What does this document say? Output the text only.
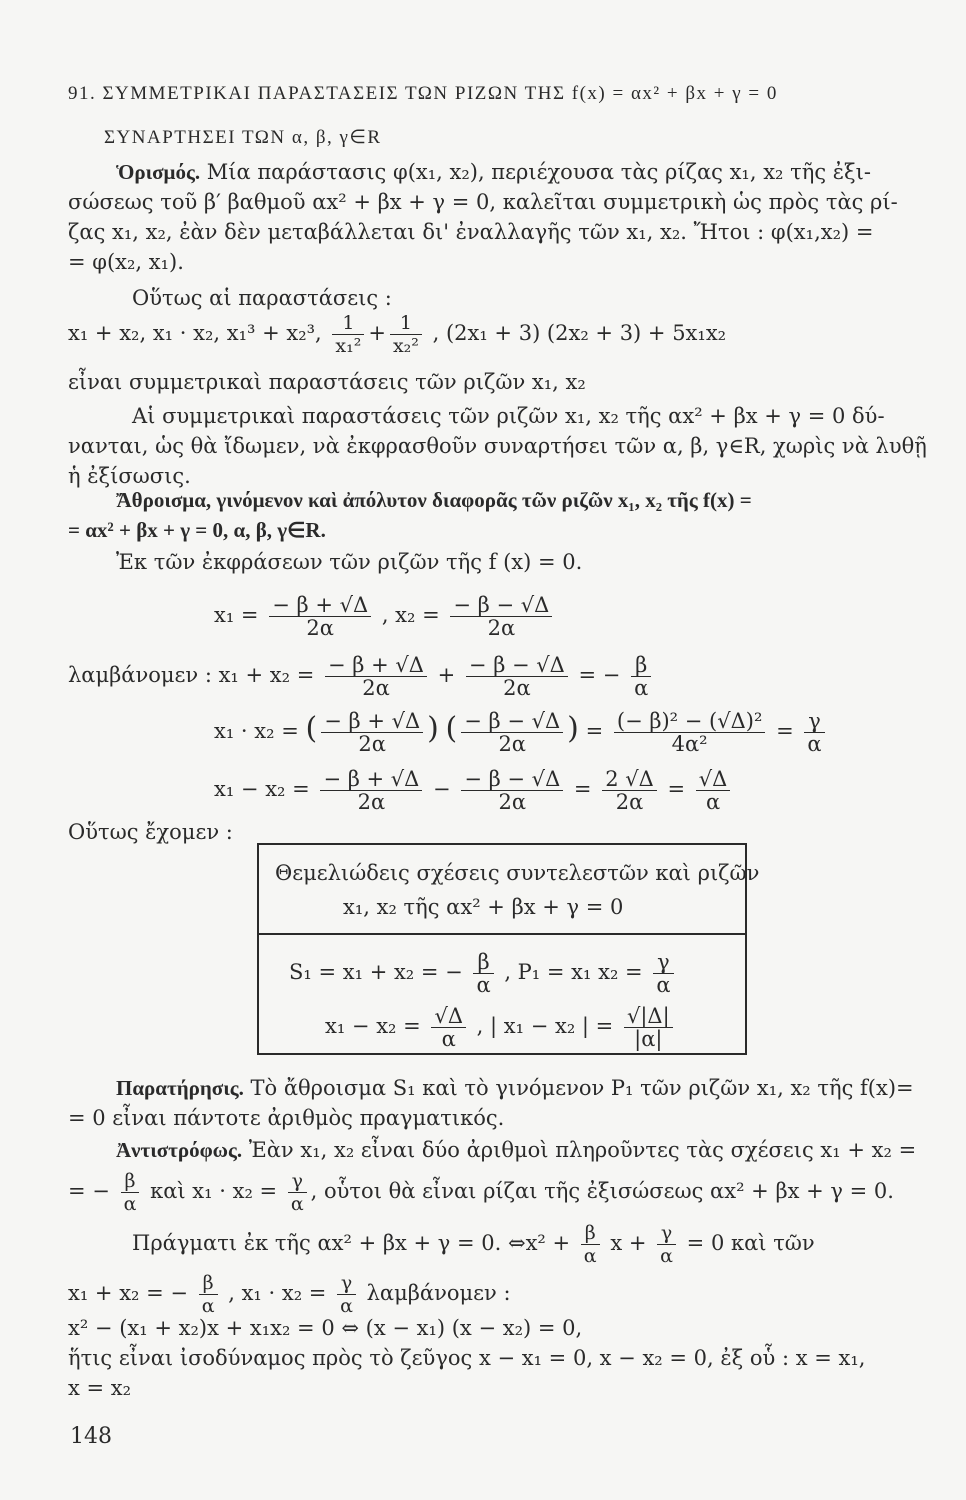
91. ΣΥΜΜΕΤΡΙΚΑΙ ΠΑΡΑΣΤΑΣΕΙΣ ΤΩΝ ΡΙΖΩΝ ΤΗΣ f(x) = αx² + βx + γ = 0
ΣΥΝΑΡΤΗΣΕΙ ΤΩΝ α, β, γ∈R
Ὁρισμός. Μία παράστασις φ(x₁, x₂), περιέχουσα τὰς ρίζας x₁, x₂ τῆς ἐξι-
σώσεως τοῦ β′ βαθμοῦ αx² + βx + γ = 0, καλεῖται συμμετρικὴ ὡς πρὸς τὰς ρί-
ζας x₁, x₂, ἐὰν δὲν μεταβάλλεται δι' ἐναλλαγῆς τῶν x₁, x₂. Ἤτοι : φ(x₁,x₂) =
= φ(x₂, x₁).
Οὕτως αἱ παραστάσεις :
x₁ + x₂, x₁ · x₂, x₁³ + x₂³, $\frac{1}{\text{x₁²}} + \frac{1}{\text{x₂²}}$ , (2x₁ + 3) (2x₂ + 3) + 5x₁x₂
εἶναι συμμετρικαὶ παραστάσεις τῶν ριζῶν x₁, x₂
Αἱ συμμετρικαὶ παραστάσεις τῶν ριζῶν x₁, x₂ τῆς αx² + βx + γ = 0 δύ-
νανται, ὡς θὰ ἴδωμεν, νὰ ἐκφρασθοῦν συναρτήσει τῶν α, β, γ∈R, χωρὶς νὰ λυθῇ
ἡ ἐξίσωσις.
Ἄθροισμα, γινόμενον καὶ ἀπόλυτον διαφορᾶς τῶν ριζῶν x₁, x₂ τῆς f(x) =
= αx² + βx + γ = 0, α, β, γ∈R.
Ἐκ τῶν ἐκφράσεων τῶν ριζῶν τῆς f (x) = 0.
$x_1 = \frac{- \beta + √\Delta}{2\alpha}$ , $x_2 = \frac{- \beta - √\Delta}{2\alpha}$
λαμβάνομεν : $x_1 + x_2 = \frac{- \beta + √\Delta}{2\alpha} + \frac{- \beta - √\Delta}{2\alpha}$ = − $\frac{\beta}{\alpha}$
x₁ · x₂ = ( $\frac{- \beta + √\Delta}{2\alpha}$ ) ( $\frac{- \beta - √\Delta}{2\alpha}$ ) = $\frac{\text{(− β)² − (√Δ)²}}{\text{4α²}} = \frac{\gamma}{\alpha}$
$x_1 - x_2 = \frac{- \beta + √\Delta}{2\alpha} - \frac{- \beta - √\Delta}{2\alpha} = \frac{2 √\Delta}{2\alpha} = \frac{√\Delta}{\alpha}$
Οὕτως ἔχομεν :
Θεμελιώδεις σχέσεις συντελεστῶν καὶ ριζῶν
x₁, x₂ τῆς αx² + βx + γ = 0
S₁ = x₁ + x₂ = − $\frac{\beta}{\alpha}$ , P₁ = x₁ $x_2 = \frac{\gamma}{\alpha}$
$x_1 - x_2 = \frac{√\Delta}{\alpha}$ , | x₁ − x₂ | = $\frac{√|\Delta|}{|\alpha|}$
Παρατήρησις. Τὸ ἄθροισμα S₁ καὶ τὸ γινόμενον P₁ τῶν ριζῶν x₁, x₂ τῆς f(x)=
= 0 εἶναι πάντοτε ἀριθμὸς πραγματικός.
Ἀντιστρόφως. Ἐὰν x₁, x₂ εἶναι δύο ἀριθμοὶ πληροῦντες τὰς σχέσεις x₁ + x₂ =
= − $\frac{\beta}{\alpha}$ καὶ $x_1 \cdot x_2 = \frac{\gamma}{\alpha}$ , οὗτοι θὰ εἶναι ρίζαι τῆς ἐξισώσεως αx² + βx + γ = 0.
Πράγματι ἐκ τῆς αx² + βx + γ = 0. ⇔x² + $\frac{\beta}{\alpha}$ $x + \frac{\gamma}{\alpha} = 0$ καὶ τῶν
x₁ + x₂ = − $\frac{\beta}{\alpha}$ , $x_1 \cdot x_2 = \frac{\gamma}{\alpha}$ λαμβάνομεν :
x² − (x₁ + x₂)x + x₁x₂ = 0 ⇔ (x − x₁) (x − x₂) = 0,
ἥτις εἶναι ἰσοδύναμος πρὸς τὸ ζεῦγος x − x₁ = 0, x − x₂ = 0, ἐξ οὗ : x = x₁,
x = x₂
148
